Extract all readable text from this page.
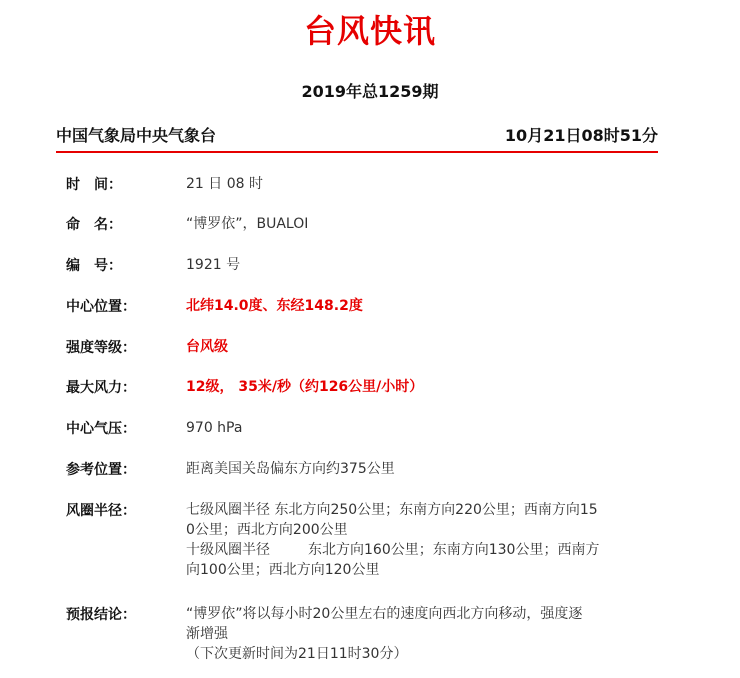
台风快讯
2019年总1259期
中国气象局中央气象台	10月21日08时51分
时　间：	21 日 08 时
命　名：	“博罗依”，BUALOI
编　号：	1921 号
中心位置：	北纬14.0度、东经148.2度
强度等级：	台风级
最大风力：	12级， 35米/秒（约126公里/小时）
中心气压：	970 hPa
参考位置：	距离美国关岛偏东方向约375公里
风圈半径：	七级风圈半径 东北方向250公里；东南方向220公里；西南方向15
0公里；西北方向200公里
十级风圈半径	东北方向160公里；东南方向130公里；西南方
向100公里；西北方向120公里
预报结论：	“博罗依”将以每小时20公里左右的速度向西北方向移动，强度逐
渐增强
（下次更新时间为21日11时30分）
